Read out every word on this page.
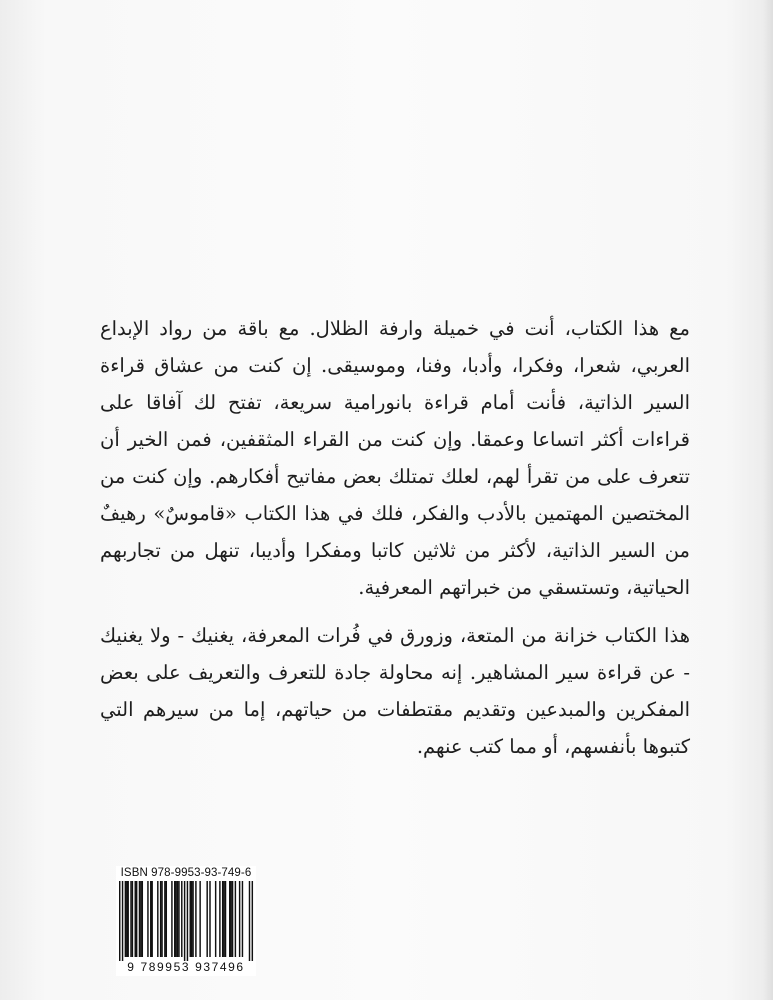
مع هذا الكتاب، أنت في خميلة وارفة الظلال. مع باقة من رواد الإبداع العربي، شعرا، وفكرا، وأدبا، وفنا، وموسيقى. إن كنت من عشاق قراءة السير الذاتية، فأنت أمام قراءة بانورامية سريعة، تفتح لك آفاقا على قراءات أكثر اتساعا وعمقا. وإن كنت من القراء المثقفين، فمن الخير أن تتعرف على من تقرأ لهم، لعلك تمتلك بعض مفاتيح أفكارهم. وإن كنت من المختصين المهتمين بالأدب والفكر، فلك في هذا الكتاب «قاموسٌ» رهيفٌ من السير الذاتية، لأكثر من ثلاثين كاتبا ومفكرا وأديبا، تنهل من تجاربهم الحياتية، وتستسقي من خبراتهم المعرفية.

هذا الكتاب خزانة من المتعة، وزورق في فُرات المعرفة، يغنيك - ولا يغنيك - عن قراءة سير المشاهير. إنه محاولة جادة للتعرف والتعريف على بعض المفكرين والمبدعين وتقديم مقتطفات من حياتهم، إما من سيرهم التي كتبوها بأنفسهم، أو مما كتب عنهم.

ISBN 978-9953-93-749-6
9 789953 937496
